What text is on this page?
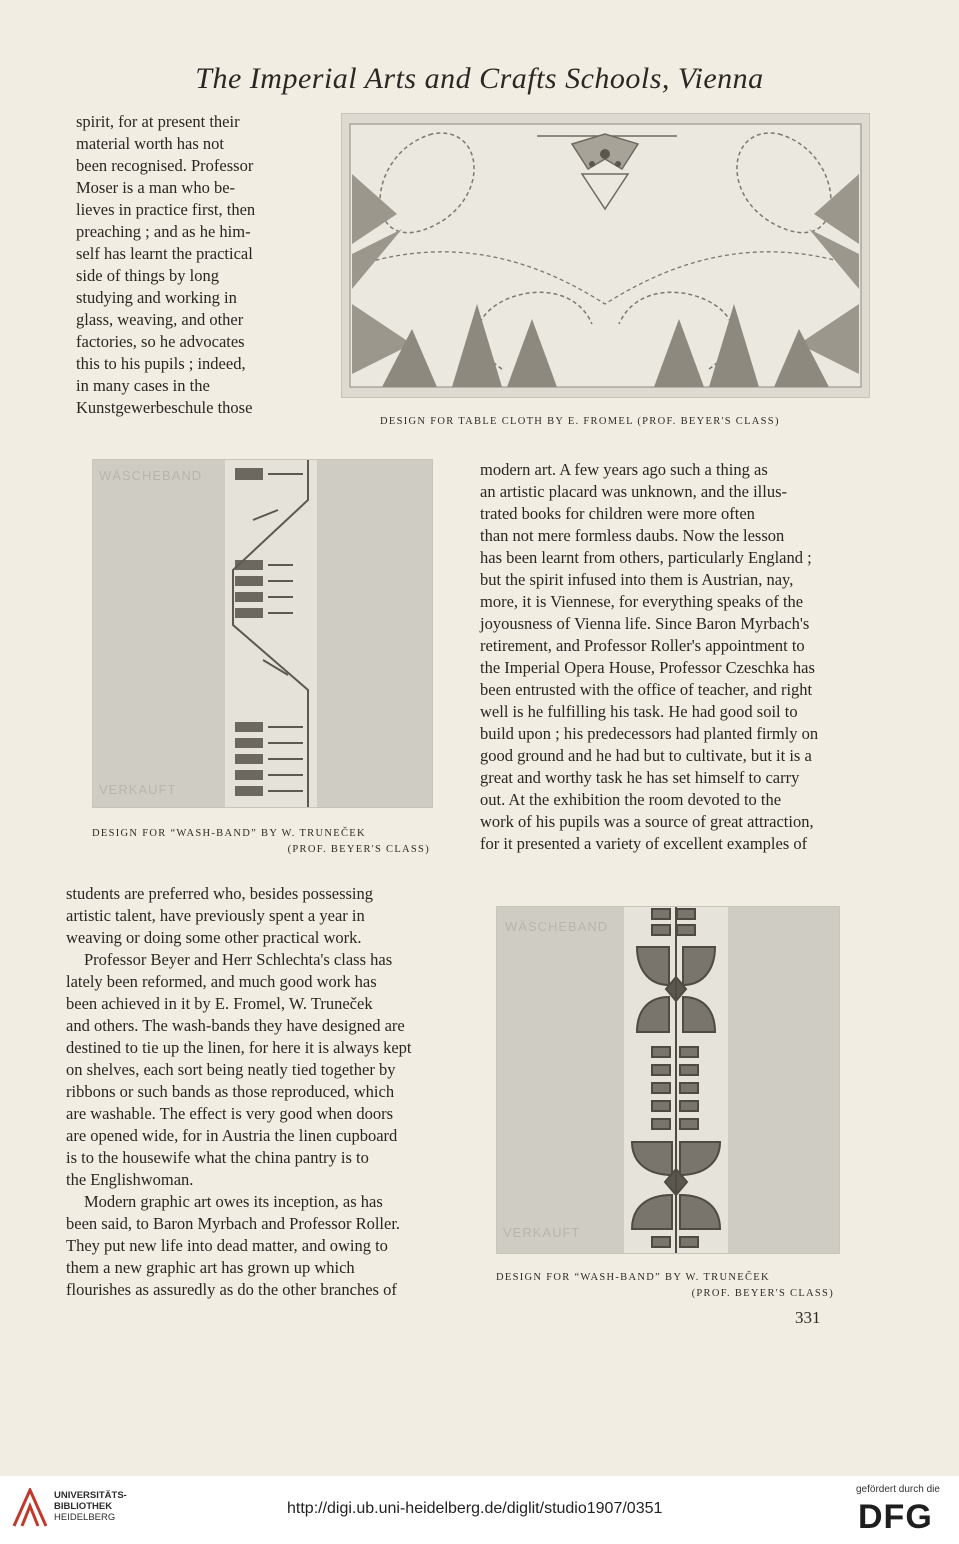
The Imperial Arts and Crafts Schools, Vienna

spirit, for at present their

material worth has not

been recognised. Professor

Moser is a man who be-

lieves in practice first, then

preaching ; and as he him-

self has learnt the practical

side of things by long

studying and working in

glass, weaving, and other

factories, so he advocates

this to his pupils ; indeed,

in many cases in the

Kunstgewerbeschule those

DESIGN FOR TABLE CLOTH BY E. FROMEL (PROF. BEYER'S CLASS)
WÄSCHEBAND
VERKAUFT
DESIGN FOR “WASH-BAND” BY W. TRUNEČEK
(PROF. BEYER'S CLASS)

modern art. A few years ago such a thing as

an artistic placard was unknown, and the illus-

trated books for children were more often

than not mere formless daubs. Now the lesson

has been learnt from others, particularly England ;

but the spirit infused into them is Austrian, nay,

more, it is Viennese, for everything speaks of the

joyousness of Vienna life. Since Baron Myrbach's

retirement, and Professor Roller's appointment to

the Imperial Opera House, Professor Czeschka has

been entrusted with the office of teacher, and right

well is he fulfilling his task. He had good soil to

build upon ; his predecessors had planted firmly on

good ground and he had but to cultivate, but it is a

great and worthy task he has set himself to carry

out. At the exhibition the room devoted to the

work of his pupils was a source of great attraction,

for it presented a variety of excellent examples of

students are preferred who, besides possessing

artistic talent, have previously spent a year in

weaving or doing some other practical work.

Professor Beyer and Herr Schlechta's class has

lately been reformed, and much good work has

been achieved in it by E. Fromel, W. Truneček

and others. The wash-bands they have designed are

destined to tie up the linen, for here it is always kept

on shelves, each sort being neatly tied together by

ribbons or such bands as those reproduced, which

are washable. The effect is very good when doors

are opened wide, for in Austria the linen cupboard

is to the housewife what the china pantry is to

the Englishwoman.

Modern graphic art owes its inception, as has

been said, to Baron Myrbach and Professor Roller.

They put new life into dead matter, and owing to

them a new graphic art has grown up which

flourishes as assuredly as do the other branches of

WÄSCHEBAND
VERKAUFT
DESIGN FOR “WASH-BAND” BY W. TRUNEČEK
(PROF. BEYER'S CLASS)
331
UNIVERSITÄTS-
BIBLIOTHEK
HEIDELBERG
http://digi.ub.uni-heidelberg.de/diglit/studio1907/0351
gefördert durch die
DFG
